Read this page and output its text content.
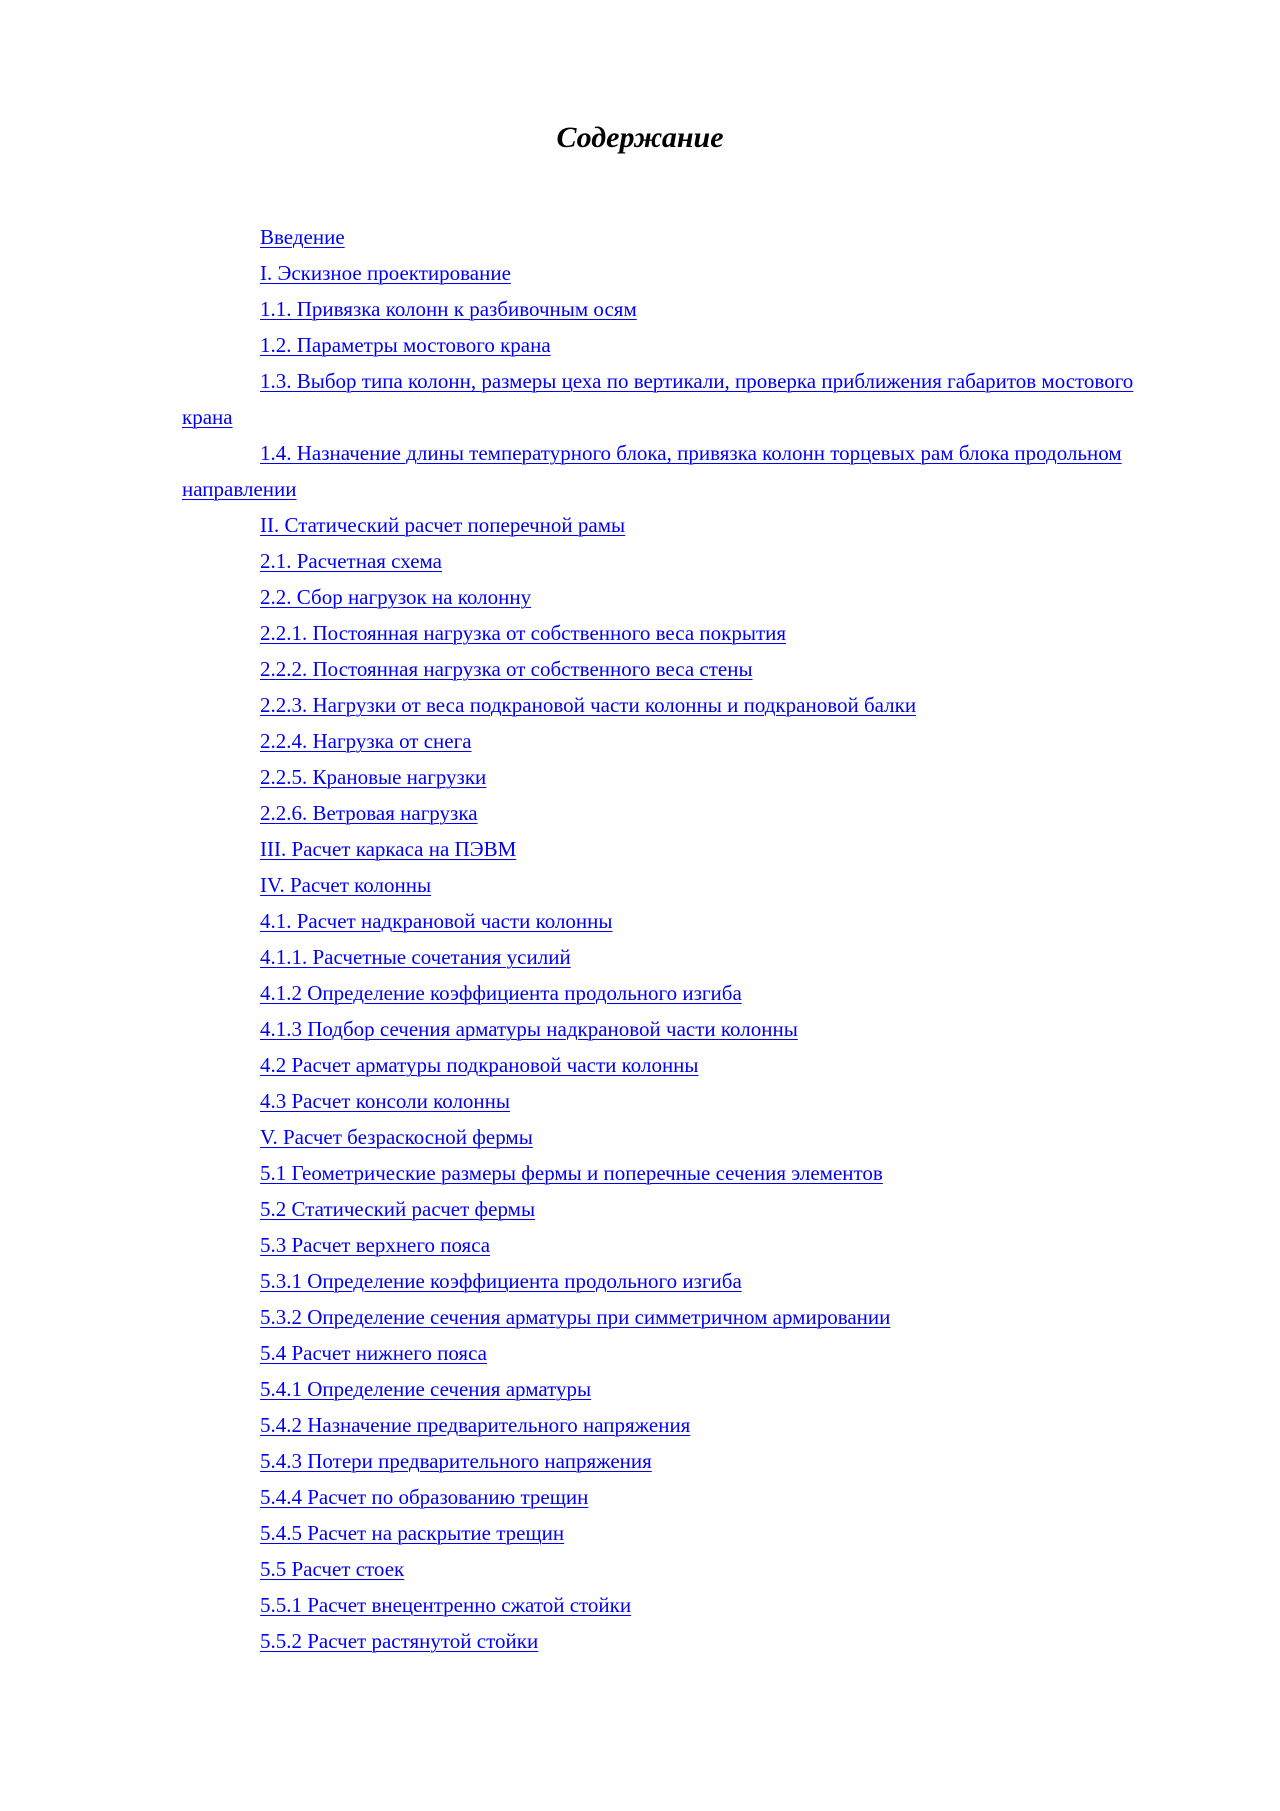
Содержание

Введение

I. Эскизное проектирование

1.1. Привязка колонн к разбивочным осям

1.2. Параметры мостового крана

1.3. Выбор типа колонн, размеры цеха по вертикали, проверка приближения габаритов мостового крана

1.4. Назначение длины температурного блока, привязка колонн торцевых рам блока продольном направлении

II. Статический расчет поперечной рамы

2.1. Расчетная схема

2.2. Сбор нагрузок на колонну

2.2.1. Постоянная нагрузка от собственного веса покрытия

2.2.2. Постоянная нагрузка от собственного веса стены

2.2.3. Нагрузки от веса подкрановой части колонны и подкрановой балки

2.2.4. Нагрузка от снега

2.2.5. Крановые нагрузки

2.2.6. Ветровая нагрузка

III. Расчет каркаса на ПЭВМ

IV. Расчет колонны

4.1. Расчет надкрановой части колонны

4.1.1. Расчетные сочетания усилий

4.1.2 Определение коэффициента продольного изгиба

4.1.3 Подбор сечения арматуры надкрановой части колонны

4.2 Расчет арматуры подкрановой части колонны

4.3 Расчет консоли колонны

V. Расчет безраскосной фермы

5.1 Геометрические размеры фермы и поперечные сечения элементов

5.2 Статический расчет фермы

5.3 Расчет верхнего пояса

5.3.1 Определение коэффициента продольного изгиба

5.3.2 Определение сечения арматуры при симметричном армировании

5.4 Расчет нижнего пояса

5.4.1 Определение сечения арматуры

5.4.2 Назначение предварительного напряжения

5.4.3 Потери предварительного напряжения

5.4.4 Расчет по образованию трещин

5.4.5 Расчет на раскрытие трещин

5.5 Расчет стоек

5.5.1 Расчет внецентренно сжатой стойки

5.5.2 Расчет растянутой стойки
